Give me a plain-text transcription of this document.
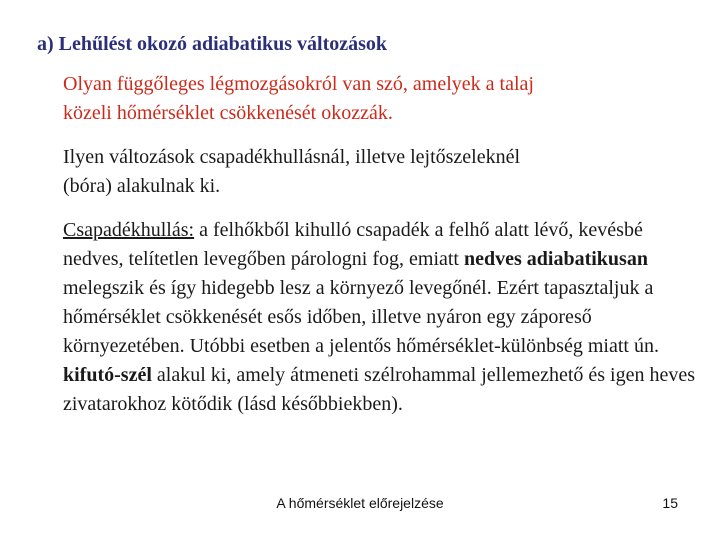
a) Lehűlést okozó adiabatikus változások
Olyan függőleges légmozgásokról van szó, amelyek a talaj
közeli hőmérséklet csökkenését okozzák.
Ilyen változások csapadékhullásnál, illetve lejtőszeleknél
(bóra) alakulnak ki.
Csapadékhullás: a felhőkből kihulló csapadék a felhő alatt lévő, kevésbé nedves, telítetlen levegőben párologni fog, emiatt nedves adiabatikusan melegszik és így hidegebb lesz a környező levegőnél. Ezért tapasztaljuk a hőmérséklet csökkenését esős időben, illetve nyáron egy záporeső környezetében. Utóbbi esetben a jelentős hőmérséklet-különbség miatt ún. kifutó-szél alakul ki, amely átmeneti szélrohammal jellemezhető és igen heves zivatarokhoz kötődik (lásd későbbiekben).
A hőmérséklet előrejelzése	15
